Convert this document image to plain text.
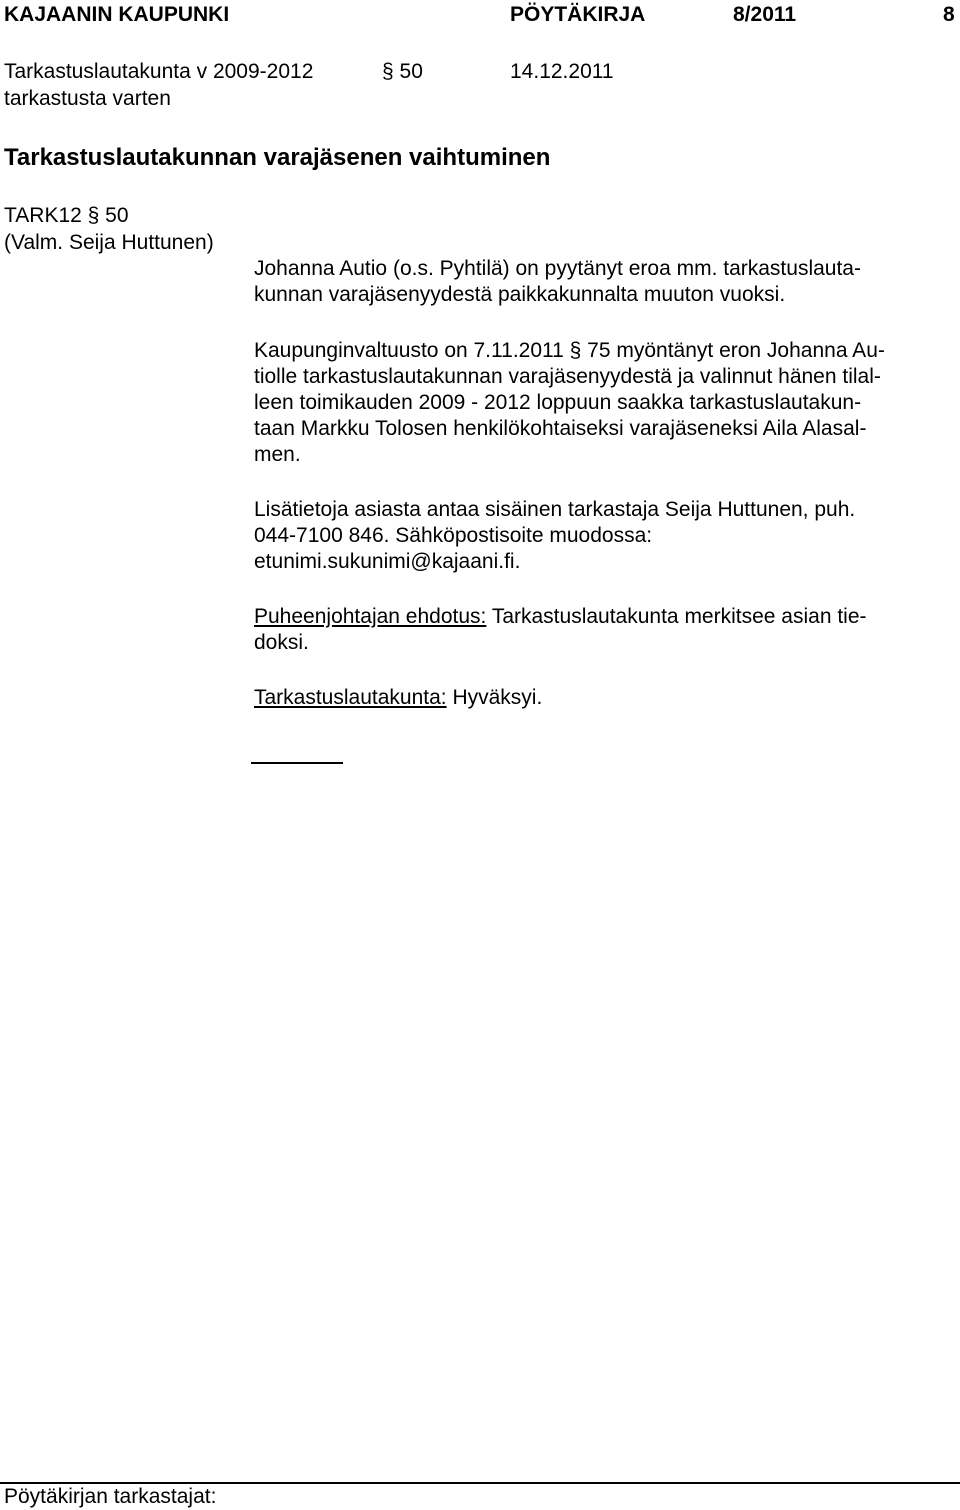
KAJAANIN KAUPUNKI	PÖYTÄKIRJA	8/2011	8
Tarkastuslautakunta v 2009-2012	§ 50	14.12.2011
tarkastusta varten
Tarkastuslautakunnan varajäsenen vaihtuminen
TARK12 § 50
(Valm. Seija Huttunen)
Johanna Autio (o.s. Pyhtilä) on pyytänyt eroa mm. tarkastuslauta-
kunnan varajäsenyydestä paikkakunnalta muuton vuoksi.
Kaupunginvaltuusto on 7.11.2011 § 75 myöntänyt eron Johanna Au-
tiolle tarkastuslautakunnan varajäsenyydestä ja valinnut hänen tilal-
leen toimikauden 2009 - 2012 loppuun saakka tarkastuslautakun-
taan Markku Tolosen henkilökohtaiseksi varajäseneksi Aila Alasal-
men.
Lisätietoja asiasta antaa sisäinen tarkastaja Seija Huttunen, puh.
044-7100 846. Sähköpostisoite muodossa:
etunimi.sukunimi@kajaani.fi.
Puheenjohtajan ehdotus: Tarkastuslautakunta merkitsee asian tie-
doksi.
Tarkastuslautakunta: Hyväksyi.
Pöytäkirjan tarkastajat:
